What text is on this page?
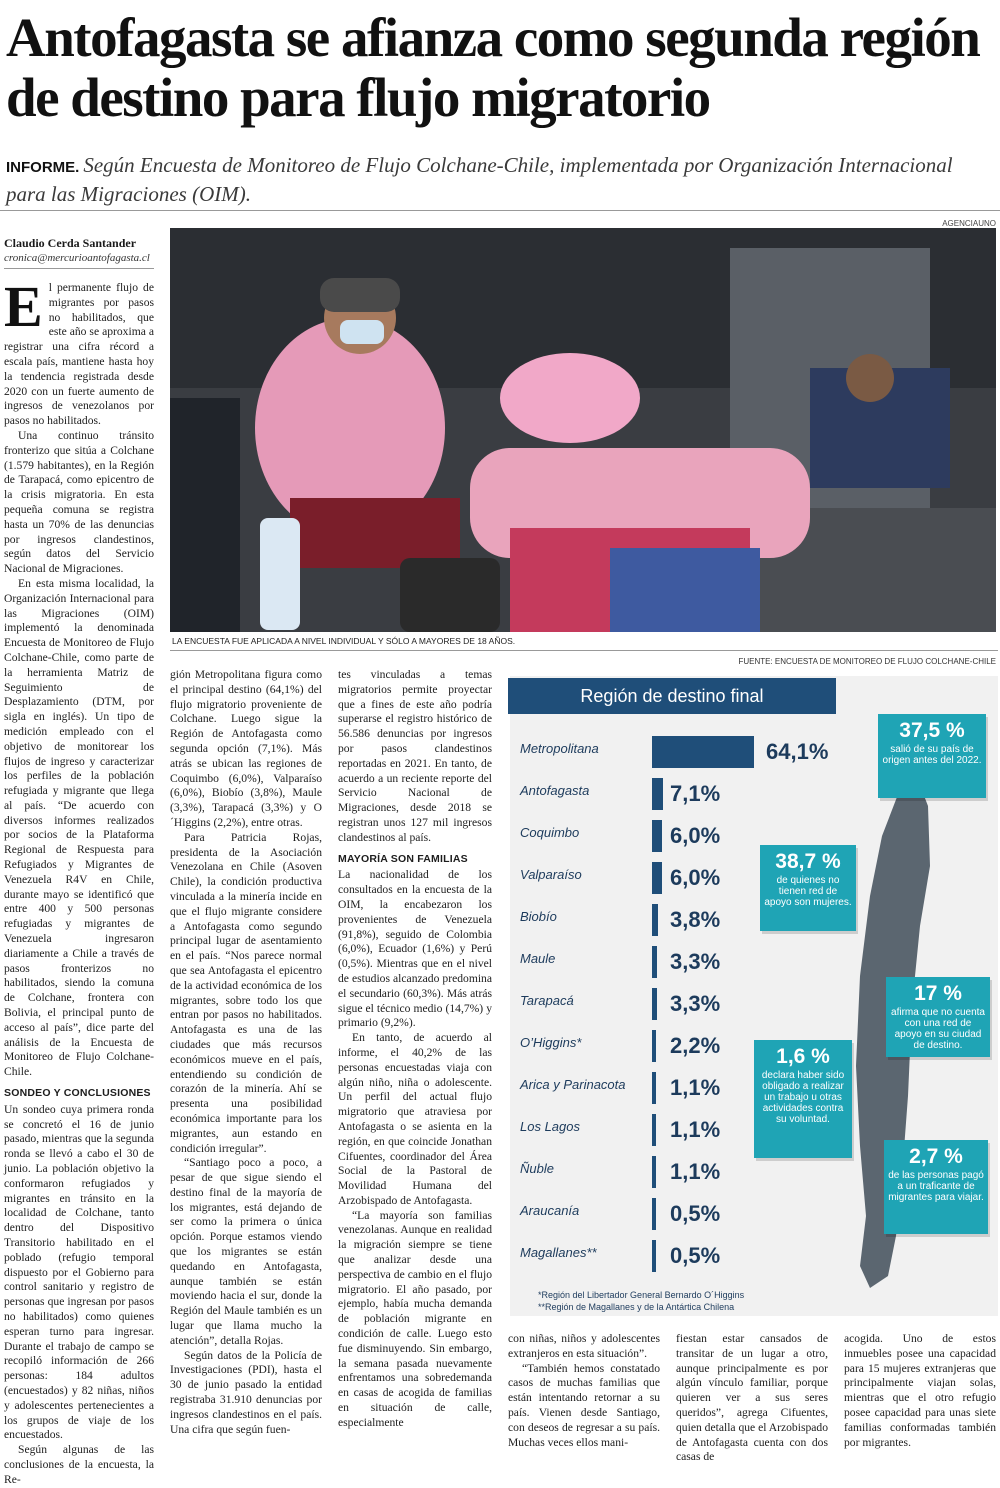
Antofagasta se afianza como segunda región de destino para flujo migratorio
INFORME. Según Encuesta de Monitoreo de Flujo Colchane-Chile, implementada por Organización Internacional para las Migraciones (OIM).
AGENCIAUNO
Claudio Cerda Santander
cronica@mercurioantofagasta.cl
LA ENCUESTA FUE APLICADA A NIVEL INDIVIDUAL Y SÓLO A MAYORES DE 18 AÑOS.

El permanente flujo de migrantes por pasos no habilitados, que este año se aproxima a registrar una cifra récord a escala país, mantiene hasta hoy la tendencia registrada desde 2020 con un fuerte aumento de ingresos de venezolanos por pasos no habilitados.

Una continuo tránsito fronterizo que sitúa a Colchane (1.579 habitantes), en la Región de Tarapacá, como epicentro de la crisis migratoria. En esta pequeña comuna se registra hasta un 70% de las denuncias por ingresos clandestinos, según datos del Servicio Nacional de Migraciones.

En esta misma localidad, la Organización Internacional para las Migraciones (OIM) implementó la denominada Encuesta de Monitoreo de Flujo Colchane-Chile, como parte de la herramienta Matriz de Seguimiento de Desplazamiento (DTM, por sigla en inglés). Un tipo de medición empleado con el objetivo de monitorear los flujos de ingreso y caracterizar los perfiles de la población refugiada y migrante que llega al país. “De acuerdo con diversos informes realizados por socios de la Plataforma Regional de Respuesta para Refugiados y Migrantes de Venezuela R4V en Chile, durante mayo se identificó que entre 400 y 500 personas refugiadas y migrantes de Venezuela ingresaron diariamente a Chile a través de pasos fronterizos no habilitados, siendo la comuna de Colchane, frontera con Bolivia, el principal punto de acceso al país”, dice parte del análisis de la Encuesta de Monitoreo de Flujo Colchane-Chile.

SONDEO Y CONCLUSIONES

Un sondeo cuya primera ronda se concretó el 16 de junio pasado, mientras que la segunda ronda se llevó a cabo el 30 de junio. La población objetivo la conformaron refugiados y migrantes en tránsito en la localidad de Colchane, tanto dentro del Dispositivo Transitorio habilitado en el poblado (refugio temporal dispuesto por el Gobierno para control sanitario y registro de personas que ingresan por pasos no habilitados) como quienes esperan turno para ingresar. Durante el trabajo de campo se recopiló información de 266 personas: 184 adultos (encuestados) y 82 niñas, niños y adolescentes pertenecientes a los grupos de viaje de los encuestados.

Según algunas de las conclusiones de la encuesta, la Re-

gión Metropolitana figura como el principal destino (64,1%) del flujo migratorio proveniente de Colchane. Luego sigue la Región de Antofagasta como segunda opción (7,1%). Más atrás se ubican las regiones de Coquimbo (6,0%), Valparaíso (6,0%), Biobío (3,8%), Maule (3,3%), Tarapacá (3,3%) y O´Higgins (2,2%), entre otras.

Para Patricia Rojas, presidenta de la Asociación Venezolana en Chile (Asoven Chile), la condición productiva vinculada a la minería incide en que el flujo migrante considere a Antofagasta como segundo principal lugar de asentamiento en el país. “Nos parece normal que sea Antofagasta el epicentro de la actividad económica de los migrantes, sobre todo los que entran por pasos no habilitados. Antofagasta es una de las ciudades que más recursos económicos mueve en el país, entendiendo su condición de corazón de la minería. Ahí se presenta una posibilidad económica importante para los migrantes, aun estando en condición irregular”.

“Santiago poco a poco, a pesar de que sigue siendo el destino final de la mayoría de los migrantes, está dejando de ser como la primera o única opción. Porque estamos viendo que los migrantes se están quedando en Antofagasta, aunque también se están moviendo hacia el sur, donde la Región del Maule también es un lugar que llama mucho la atención”, detalla Rojas.

Según datos de la Policía de Investigaciones (PDI), hasta el 30 de junio pasado la entidad registraba 31.910 denuncias por ingresos clandestinos en el país. Una cifra que según fuen-

tes vinculadas a temas migratorios permite proyectar que a fines de este año podría superarse el registro histórico de 56.586 denuncias por ingresos por pasos clandestinos reportadas en 2021. En tanto, de acuerdo a un reciente reporte del Servicio Nacional de Migraciones, desde 2018 se registran unos 127 mil ingresos clandestinos al país.

MAYORÍA SON FAMILIAS

La nacionalidad de los consultados en la encuesta de la OIM, la encabezaron los provenientes de Venezuela (91,8%), seguido de Colombia (6,0%), Ecuador (1,6%) y Perú (0,5%). Mientras que en el nivel de estudios alcanzado predomina el secundario (60,3%). Más atrás sigue el técnico medio (14,7%) y primario (9,2%).

En tanto, de acuerdo al informe, el 40,2% de las personas encuestadas viaja con algún niño, niña o adolescente. Un perfil del actual flujo migratorio que atraviesa por Antofagasta o se asienta en la región, en que coincide Jonathan Cifuentes, coordinador del Área Social de la Pastoral de Movilidad Humana del Arzobispado de Antofagasta.

“La mayoría son familias venezolanas. Aunque en realidad la migración siempre se tiene que analizar desde una perspectiva de cambio en el flujo migratorio. El año pasado, por ejemplo, había mucha demanda de población migrante en condición de calle. Luego esto fue disminuyendo. Sin embargo, la semana pasada nuevamente enfrentamos una sobredemanda en casas de acogida de familias en situación de calle, especialmente

FUENTE: ENCUESTA DE MONITOREO DE FLUJO COLCHANE-CHILE
Metropolitana	64,1%
Antofagasta	7,1%
Coquimbo	6,0%
Valparaíso	6,0%
Biobío	3,8%
Maule	3,3%
Tarapacá	3,3%
O’Higgins*	2,2%
Arica y Parinacota 1,1%
Los Lagos	1,1%
Ñuble	1,1%
Araucanía	0,5%
Magallanes**	0,5%
Región de destino final
37,5 %
salió de su país de origen antes del 2022.
38,7 %
de quienes no tienen red de apoyo son mujeres.
17 %
afirma que no cuenta con una red de apoyo en su ciudad de destino.
1,6 %
declara haber sido obligado a realizar un trabajo u otras actividades contra su voluntad.
2,7 %
de las personas pagó a un traficante de migrantes para viajar.
*Región del Libertador General Bernardo O´Higgins
**Región de Magallanes y de la Antártica Chilena

con niñas, niños y adolescentes extranjeros en esta situación”.

“También hemos constatado casos de muchas familias que están intentando retornar a su país. Vienen desde Santiago, con deseos de regresar a su país. Muchas veces ellos mani-

fiestan estar cansados de transitar de un lugar a otro, aunque principalmente es por algún vínculo familiar, porque quieren ver a sus seres queridos”, agrega Cifuentes, quien detalla que el Arzobispado de Antofagasta cuenta con dos casas de

acogida. Uno de estos inmuebles posee una capacidad para 15 mujeres extranjeras que principalmente viajan solas, mientras que el otro refugio posee capacidad para unas siete familias conformadas también por migrantes.
